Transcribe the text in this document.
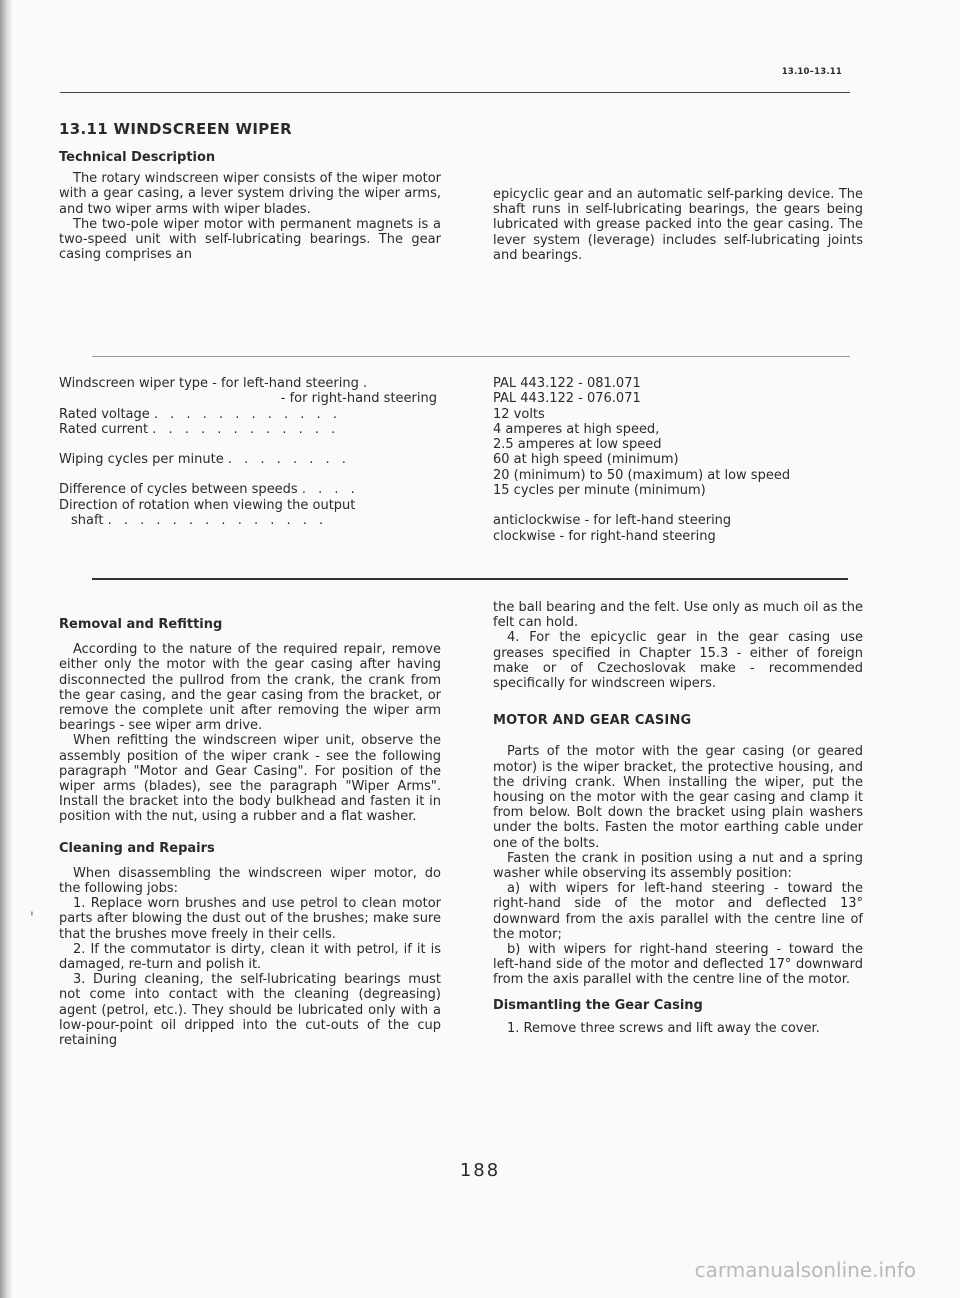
13.10–13.11
13.11 WINDSCREEN WIPER
Technical Description

The rotary windscreen wiper consists of the wiper motor with a gear casing, a lever system driving the wiper arms, and two wiper arms with wiper blades.

The two-pole wiper motor with permanent magnets is a two-speed unit with self-lubricating bearings. The gear casing comprises an

epicyclic gear and an automatic self-parking device. The shaft runs in self-lubricating bearings, the gears being lubricated with grease packed into the gear casing. The lever system (leverage) includes self-lubricating joints and bearings.

Windscreen wiper type - for left-hand steering .
- for right-hand steering
Rated voltage . . . . . . . . . . . .
Rated current . . . . . . . . . . . .
Wiping cycles per minute . . . . . . . .
Difference of cycles between speeds . . . .
Direction of rotation when viewing the output
shaft . . . . . . . . . . . . . .
PAL 443.122 - 081.071
PAL 443.122 - 076.071
12 volts
4 amperes at high speed,
2.5 amperes at low speed
60 at high speed (minimum)
20 (minimum) to 50 (maximum) at low speed
15 cycles per minute (minimum)
anticlockwise - for left-hand steering
clockwise - for right-hand steering
Removal and Refitting

According to the nature of the required repair, remove either only the motor with the gear casing after having disconnected the pullrod from the crank, the crank from the gear casing, and the gear casing from the bracket, or remove the complete unit after removing the wiper arm bearings - see wiper arm drive.

When refitting the windscreen wiper unit, observe the assembly position of the wiper crank - see the following paragraph "Motor and Gear Casing". For position of the wiper arms (blades), see the paragraph "Wiper Arms". Install the bracket into the body bulkhead and fasten it in position with the nut, using a rubber and a flat washer.

Cleaning and Repairs

When disassembling the windscreen wiper motor, do the following jobs:

1. Replace worn brushes and use petrol to clean motor parts after blowing the dust out of the brushes; make sure that the brushes move freely in their cells.

2. If the commutator is dirty, clean it with petrol, if it is damaged, re-turn and polish it.

3. During cleaning, the self-lubricating bearings must not come into contact with the cleaning (degreasing) agent (petrol, etc.). They should be lubricated only with a low-pour-point oil dripped into the cut-outs of the cup retaining

the ball bearing and the felt. Use only as much oil as the felt can hold.

4. For the epicyclic gear in the gear casing use greases specified in Chapter 15.3 - either of foreign make or of Czechoslovak make - recommended specifically for windscreen wipers.

MOTOR AND GEAR CASING

Parts of the motor with the gear casing (or geared motor) is the wiper bracket, the protective housing, and the driving crank. When installing the wiper, put the housing on the motor with the gear casing and clamp it from below. Bolt down the bracket using plain washers under the bolts. Fasten the motor earthing cable under one of the bolts.

Fasten the crank in position using a nut and a spring washer while observing its assembly position:

a) with wipers for left-hand steering - toward the right-hand side of the motor and deflected 13° downward from the axis parallel with the centre line of the motor;

b) with wipers for right-hand steering - toward the left-hand side of the motor and deflected 17° downward from the axis parallel with the centre line of the motor.

Dismantling the Gear Casing

1. Remove three screws and lift away the cover.

'
188
carmanualsonline.info
